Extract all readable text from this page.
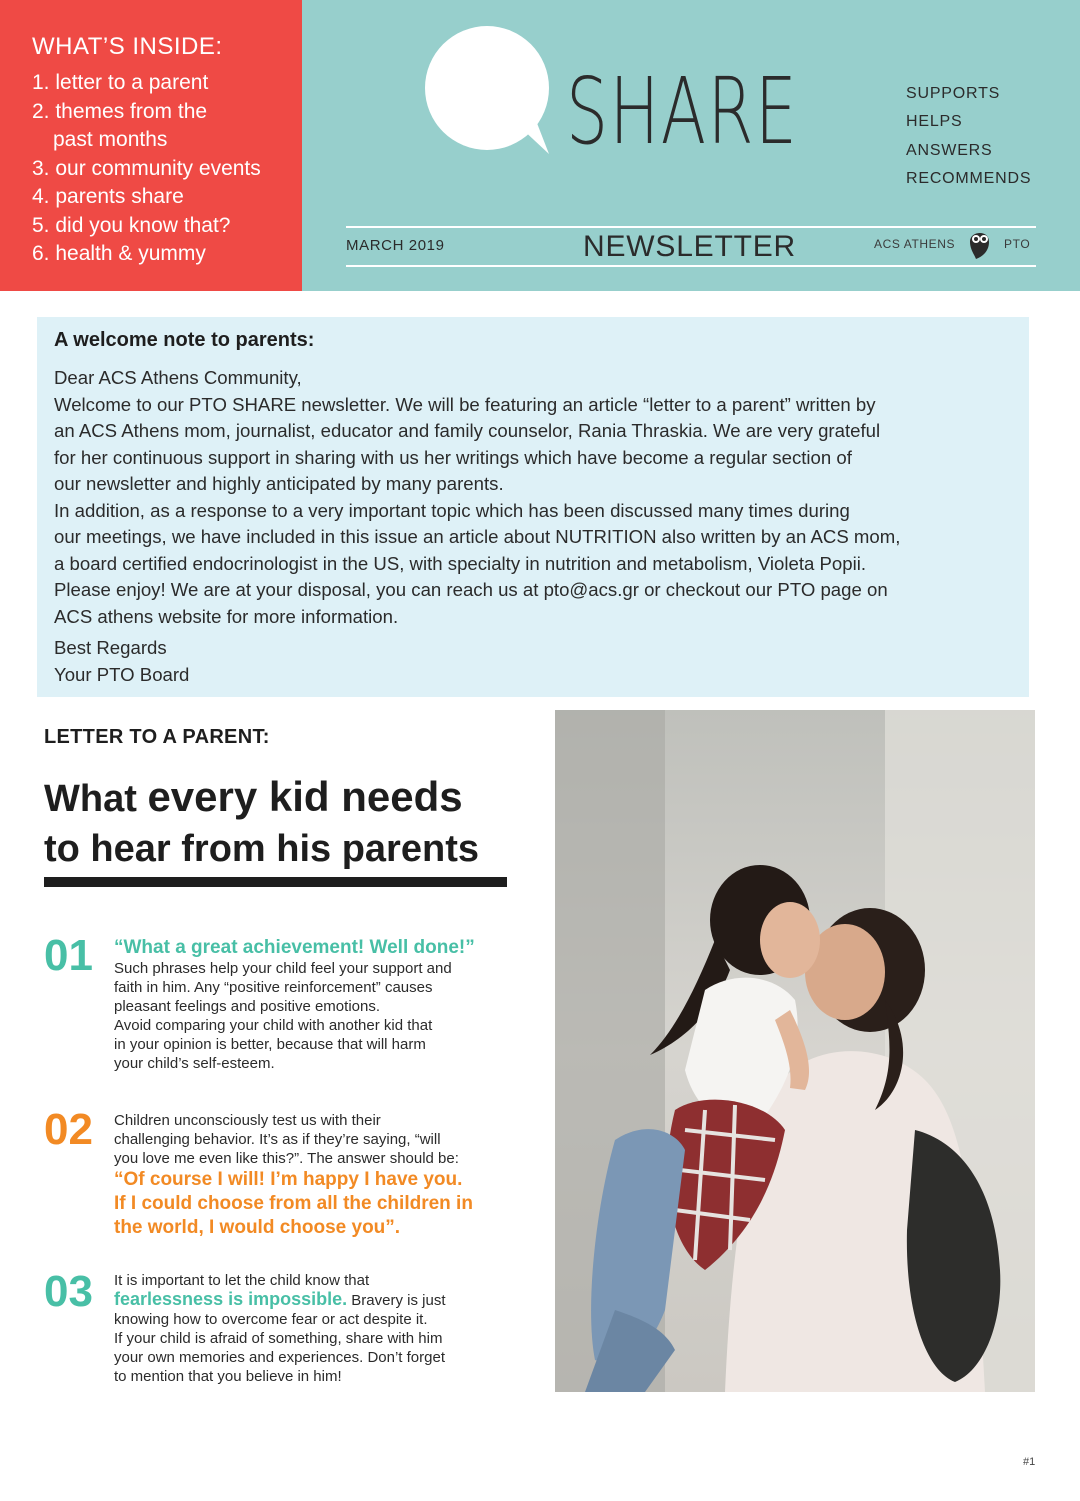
WHAT’S INSIDE:
1. letter to a parent
2. themes from the
past months
3. our community events
4. parents share
5. did you know that?
6. health & yummy
SHARE	SUPPORTS
HELPS
ANSWERS
RECOMMENDS
MARCH 2019	NEWSLETTER	ACS ATHENS	PTO
A welcome note to parents:

Dear ACS Athens Community,

Welcome to our PTO SHARE newsletter. We will be featuring an article “letter to a parent” written by

an ACS Athens mom, journalist, educator and family counselor, Rania Thraskia. We are very grateful

for her continuous support in sharing with us her writings which have become a regular section of

our newsletter and highly anticipated by many parents.

In addition, as a response to a very important topic which has been discussed many times during

our meetings, we have included in this issue an article about NUTRITION also written by an ACS mom,

a board certified endocrinologist in the US, with specialty in nutrition and metabolism, Violeta Popii.

Please enjoy! We are at your disposal, you can reach us at pto@acs.gr or checkout our PTO page on

ACS athens website for more information.

Best Regards
Your PTO Board
LETTER TO A PARENT:
What every kid needs
to hear from his parents
01 “What a great achievement! Well done!”
Such phrases help your child feel your support and
faith in him. Any “positive reinforcement” causes
pleasant feelings and positive emotions.
Avoid comparing your child with another kid that
in your opinion is better, because that will harm
your child’s self-esteem.
02 Children unconsciously test us with their
challenging behavior. It’s as if they’re saying, “will
you love me even like this?”. The answer should be:
“Of course I will! I’m happy I have you.
If I could choose from all the children in
the world, I would choose you”.
03 It is important to let the child know that
fearlessness is impossible. Bravery is just
knowing how to overcome fear or act despite it.
If your child is afraid of something, share with him
your own memories and experiences. Don’t forget
to mention that you believe in him!
#1
